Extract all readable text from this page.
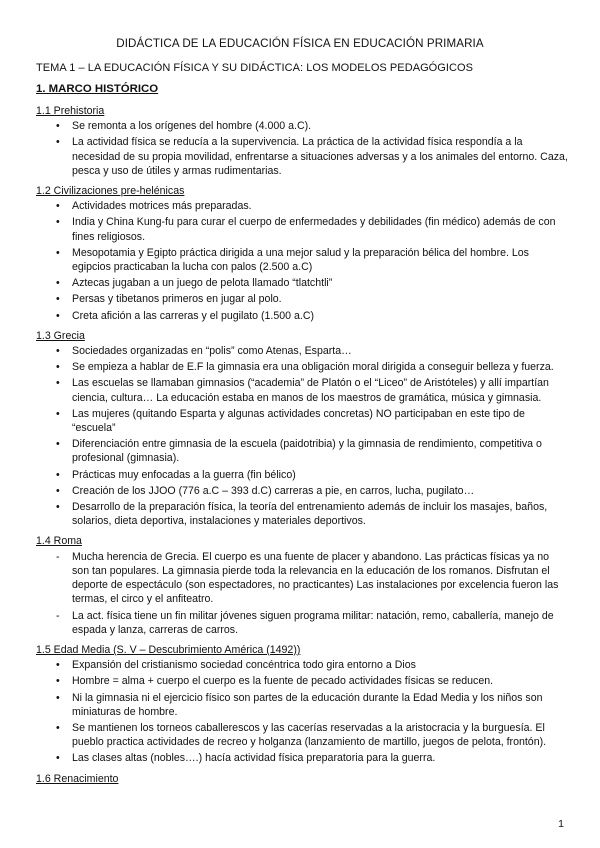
DIDÁCTICA DE LA EDUCACIÓN FÍSICA EN EDUCACIÓN PRIMARIA
TEMA 1 – LA EDUCACIÓN FÍSICA Y SU DIDÁCTICA: LOS MODELOS PEDAGÓGICOS
1. MARCO HISTÓRICO

1.1 Prehistoria

• Se remonta a los orígenes del hombre (4.000 a.C).
• La actividad física se reducía a la supervivencia. La práctica de la actividad física respondía a la necesidad de su propia movilidad, enfrentarse a situaciones adversas y a los animales del entorno. Caza, pesca y uso de útiles y armas rudimentarias.

1.2 Civilizaciones pre-helénicas

• Actividades motrices más preparadas.
• India y China Kung-fu para curar el cuerpo de enfermedades y debilidades (fin médico) además de con fines religiosos.
• Mesopotamia y Egipto práctica dirigida a una mejor salud y la preparación bélica del hombre. Los egipcios practicaban la lucha con palos (2.500 a.C)
• Aztecas jugaban a un juego de pelota llamado “tlatchtli”
• Persas y tibetanos primeros en jugar al polo.
• Creta afición a las carreras y el pugilato (1.500 a.C)

1.3 Grecia

• Sociedades organizadas en “polis” como Atenas, Esparta…
• Se empieza a hablar de E.F la gimnasia era una obligación moral dirigida a conseguir belleza y fuerza.
• Las escuelas se llamaban gimnasios (“academia” de Platón o el “Liceo” de Aristóteles) y allí impartían ciencia, cultura… La educación estaba en manos de los maestros de gramática, música y gimnasia.
• Las mujeres (quitando Esparta y algunas actividades concretas) NO participaban en este tipo de “escuela”
• Diferenciación entre gimnasia de la escuela (paidotribia) y la gimnasia de rendimiento, competitiva o profesional (gimnasia).
• Prácticas muy enfocadas a la guerra (fin bélico)
• Creación de los JJOO (776 a.C – 393 d.C) carreras a pie, en carros, lucha, pugilato…
• Desarrollo de la preparación física, la teoría del entrenamiento además de incluir los masajes, baños, solarios, dieta deportiva, instalaciones y materiales deportivos.

1.4 Roma

- Mucha herencia de Grecia. El cuerpo es una fuente de placer y abandono. Las prácticas físicas ya no son tan populares. La gimnasia pierde toda la relevancia en la educación de los romanos. Disfrutan el deporte de espectáculo (son espectadores, no practicantes) Las instalaciones por excelencia fueron las termas, el circo y el anfiteatro.
- La act. física tiene un fin militar jóvenes siguen programa militar: natación, remo, caballería, manejo de espada y lanza, carreras de carros.

1.5 Edad Media (S. V – Descubrimiento América (1492))

• Expansión del cristianismo sociedad concéntrica todo gira entorno a Dios
• Hombre = alma + cuerpo el cuerpo es la fuente de pecado actividades físicas se reducen.
• Ni la gimnasia ni el ejercicio físico son partes de la educación durante la Edad Media y los niños son miniaturas de hombre.
• Se mantienen los torneos caballerescos y las cacerías reservadas a la aristocracia y la burguesía. El pueblo practica actividades de recreo y holganza (lanzamiento de martillo, juegos de pelota, frontón).
• Las clases altas (nobles….) hacía actividad física preparatoria para la guerra.

1.6 Renacimiento

1
